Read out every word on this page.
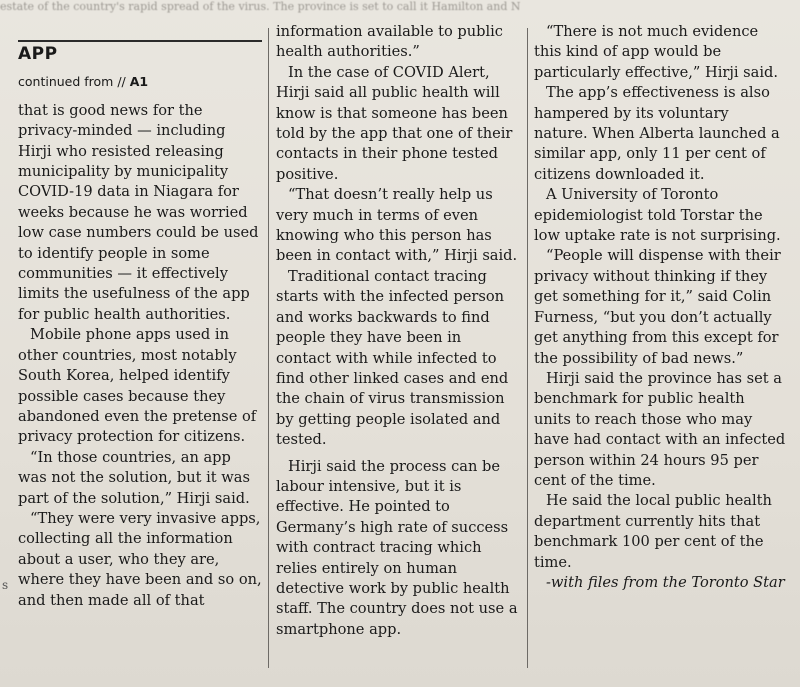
estate of the country's rapid spread of the virus. The province is set to call it Hamilton and N
APP
continued from // A1

that is good news for the privacy-minded — including Hirji who resisted releasing municipality by municipality COVID-19 data in Niagara for weeks because he was worried low case numbers could be used to identify people in some communities — it effectively limits the usefulness of the app for public health authorities.

Mobile phone apps used in other countries, most notably South Korea, helped identify possible cases because they abandoned even the pretense of privacy protection for citizens.

“In those countries, an app was not the solution, but it was part of the solution,” Hirji said.

“They were very invasive apps, collecting all the information about a user, who they are, where they have been and so on, and then made all of that

information available to public health authorities.”

In the case of COVID Alert, Hirji said all public health will know is that someone has been told by the app that one of their contacts in their phone tested positive.

“That doesn’t really help us very much in terms of even knowing who this person has been in contact with,” Hirji said.

Traditional contact tracing starts with the infected person and works backwards to find people they have been in contact with while infected to find other linked cases and end the chain of virus transmission by getting people isolated and tested.

Hirji said the process can be labour intensive, but it is effective. He pointed to Germany’s high rate of success with contract tracing which relies entirely on human detective work by public health staff. The country does not use a smartphone app.

“There is not much evidence this kind of app would be particularly effective,” Hirji said.

The app’s effectiveness is also hampered by its voluntary nature. When Alberta launched a similar app, only 11 per cent of citizens downloaded it.

A University of Toronto epidemiologist told Torstar the low uptake rate is not surprising.

“People will dispense with their privacy without thinking if they get something for it,” said Colin Furness, “but you don’t actually get anything from this except for the possibility of bad news.”

Hirji said the province has set a benchmark for public health units to reach those who may have had contact with an infected person within 24 hours 95 per cent of the time.

He said the local public health department currently hits that benchmark 100 per cent of the time.

-with files from the Toronto Star

s
